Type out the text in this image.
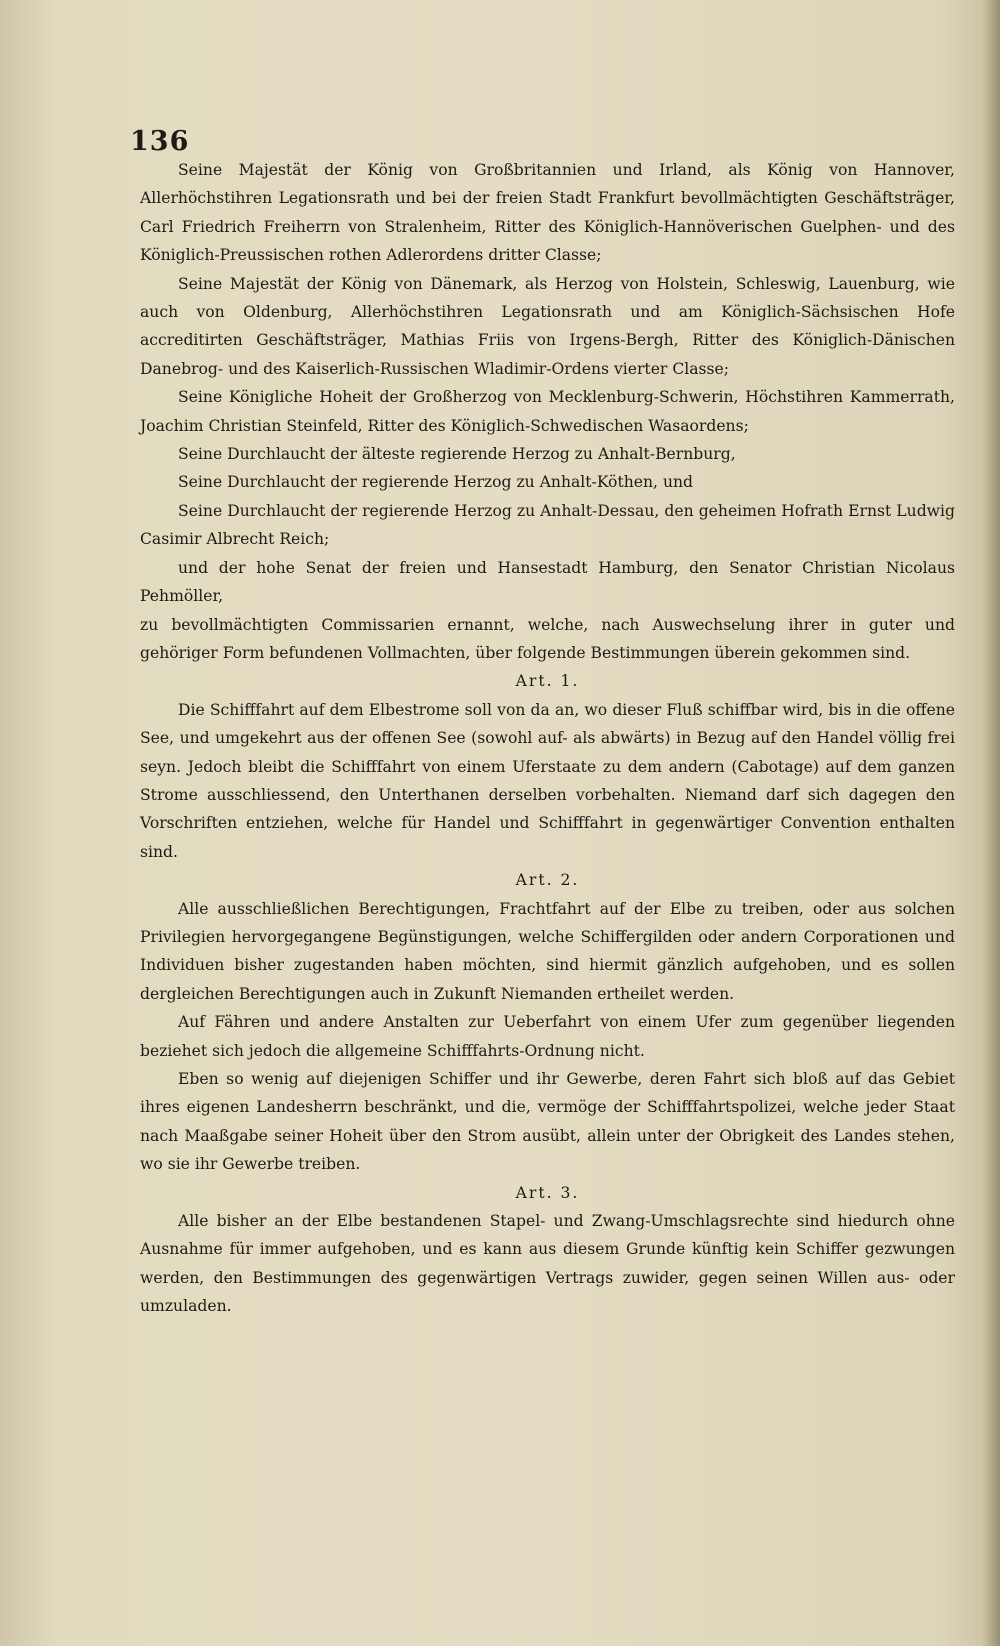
136

Seine Majestät der König von Großbritannien und Irland, als König von Hannover, Allerhöchstihren Legationsrath und bei der freien Stadt Frankfurt bevollmächtigten Geschäftsträger, Carl Friedrich Freiherrn von Stralenheim, Ritter des Königlich-Hannöverischen Guelphen- und des Königlich-Preussischen rothen Adlerordens dritter Classe;

Seine Majestät der König von Dänemark, als Herzog von Holstein, Schleswig, Lauenburg, wie auch von Oldenburg, Allerhöchstihren Legationsrath und am Königlich-Sächsischen Hofe accreditirten Geschäftsträger, Mathias Friis von Irgens-Bergh, Ritter des Königlich-Dänischen Danebrog- und des Kaiserlich-Russischen Wladimir-Ordens vierter Classe;

Seine Königliche Hoheit der Großherzog von Mecklenburg-Schwerin, Höchstihren Kammerrath, Joachim Christian Steinfeld, Ritter des Königlich-Schwedischen Wasaordens;

Seine Durchlaucht der älteste regierende Herzog zu Anhalt-Bernburg,

Seine Durchlaucht der regierende Herzog zu Anhalt-Köthen, und

Seine Durchlaucht der regierende Herzog zu Anhalt-Dessau, den geheimen Hofrath Ernst Ludwig Casimir Albrecht Reich;

und der hohe Senat der freien und Hansestadt Hamburg, den Senator Christian Nicolaus Pehmöller,

zu bevollmächtigten Commissarien ernannt, welche, nach Auswechselung ihrer in guter und gehöriger Form befundenen Vollmachten, über folgende Bestimmungen überein gekommen sind.

Art. 1.

Die Schifffahrt auf dem Elbestrome soll von da an, wo dieser Fluß schiffbar wird, bis in die offene See, und umgekehrt aus der offenen See (sowohl auf- als abwärts) in Bezug auf den Handel völlig frei seyn. Jedoch bleibt die Schifffahrt von einem Uferstaate zu dem andern (Cabotage) auf dem ganzen Strome ausschliessend, den Unterthanen derselben vorbehalten. Niemand darf sich dagegen den Vorschriften entziehen, welche für Handel und Schifffahrt in gegenwärtiger Convention enthalten sind.

Art. 2.

Alle ausschließlichen Berechtigungen, Frachtfahrt auf der Elbe zu treiben, oder aus solchen Privilegien hervorgegangene Begünstigungen, welche Schiffergilden oder andern Corporationen und Individuen bisher zugestanden haben möchten, sind hiermit gänzlich aufgehoben, und es sollen dergleichen Berechtigungen auch in Zukunft Niemanden ertheilet werden.

Auf Fähren und andere Anstalten zur Ueberfahrt von einem Ufer zum gegenüber liegenden beziehet sich jedoch die allgemeine Schifffahrts-Ordnung nicht.

Eben so wenig auf diejenigen Schiffer und ihr Gewerbe, deren Fahrt sich bloß auf das Gebiet ihres eigenen Landesherrn beschränkt, und die, vermöge der Schifffahrtspolizei, welche jeder Staat nach Maaßgabe seiner Hoheit über den Strom ausübt, allein unter der Obrigkeit des Landes stehen, wo sie ihr Gewerbe treiben.

Art. 3.

Alle bisher an der Elbe bestandenen Stapel- und Zwang-Umschlagsrechte sind hiedurch ohne Ausnahme für immer aufgehoben, und es kann aus diesem Grunde künftig kein Schiffer gezwungen werden, den Bestimmungen des gegenwärtigen Vertrags zuwider, gegen seinen Willen aus- oder umzuladen.
